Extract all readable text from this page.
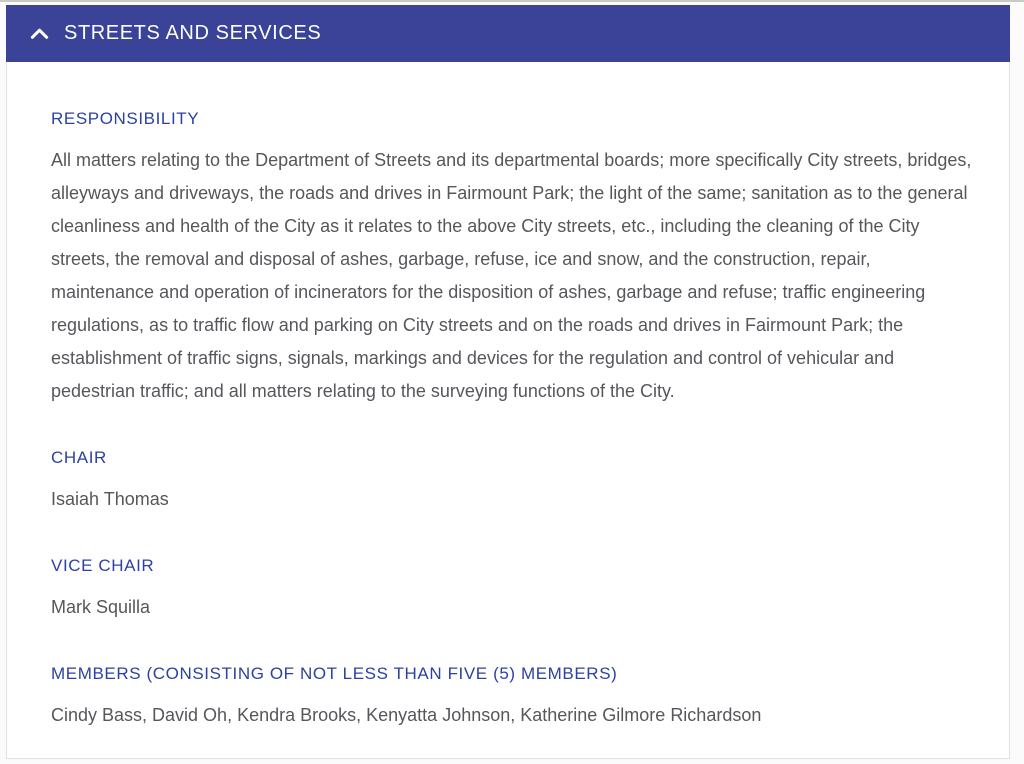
STREETS AND SERVICES
RESPONSIBILITY

All matters relating to the Department of Streets and its departmental boards; more specifically City streets, bridges, alleyways and driveways, the roads and drives in Fairmount Park; the light of the same; sanitation as to the general cleanliness and health of the City as it relates to the above City streets, etc., including the cleaning of the City streets, the removal and disposal of ashes, garbage, refuse, ice and snow, and the construction, repair, maintenance and operation of incinerators for the disposition of ashes, garbage and refuse; traffic engineering regulations, as to traffic flow and parking on City streets and on the roads and drives in Fairmount Park; the establishment of traffic signs, signals, markings and devices for the regulation and control of vehicular and pedestrian traffic; and all matters relating to the surveying functions of the City.

CHAIR

Isaiah Thomas

VICE CHAIR

Mark Squilla

MEMBERS (CONSISTING OF NOT LESS THAN FIVE (5) MEMBERS)

Cindy Bass, David Oh, Kendra Brooks, Kenyatta Johnson, Katherine Gilmore Richardson
